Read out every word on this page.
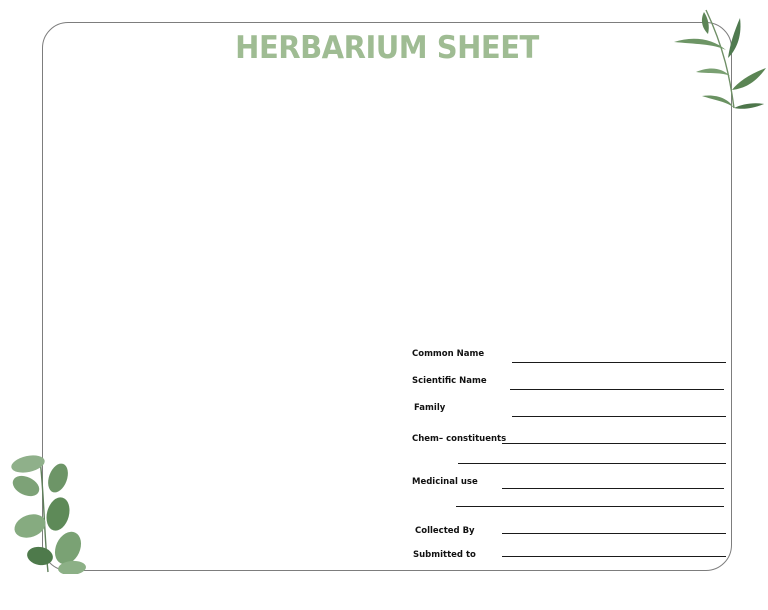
HERBARIUM SHEET
Common Name
Scientific Name
Family
Chem– constituents
Medicinal use
Collected By
Submitted to
